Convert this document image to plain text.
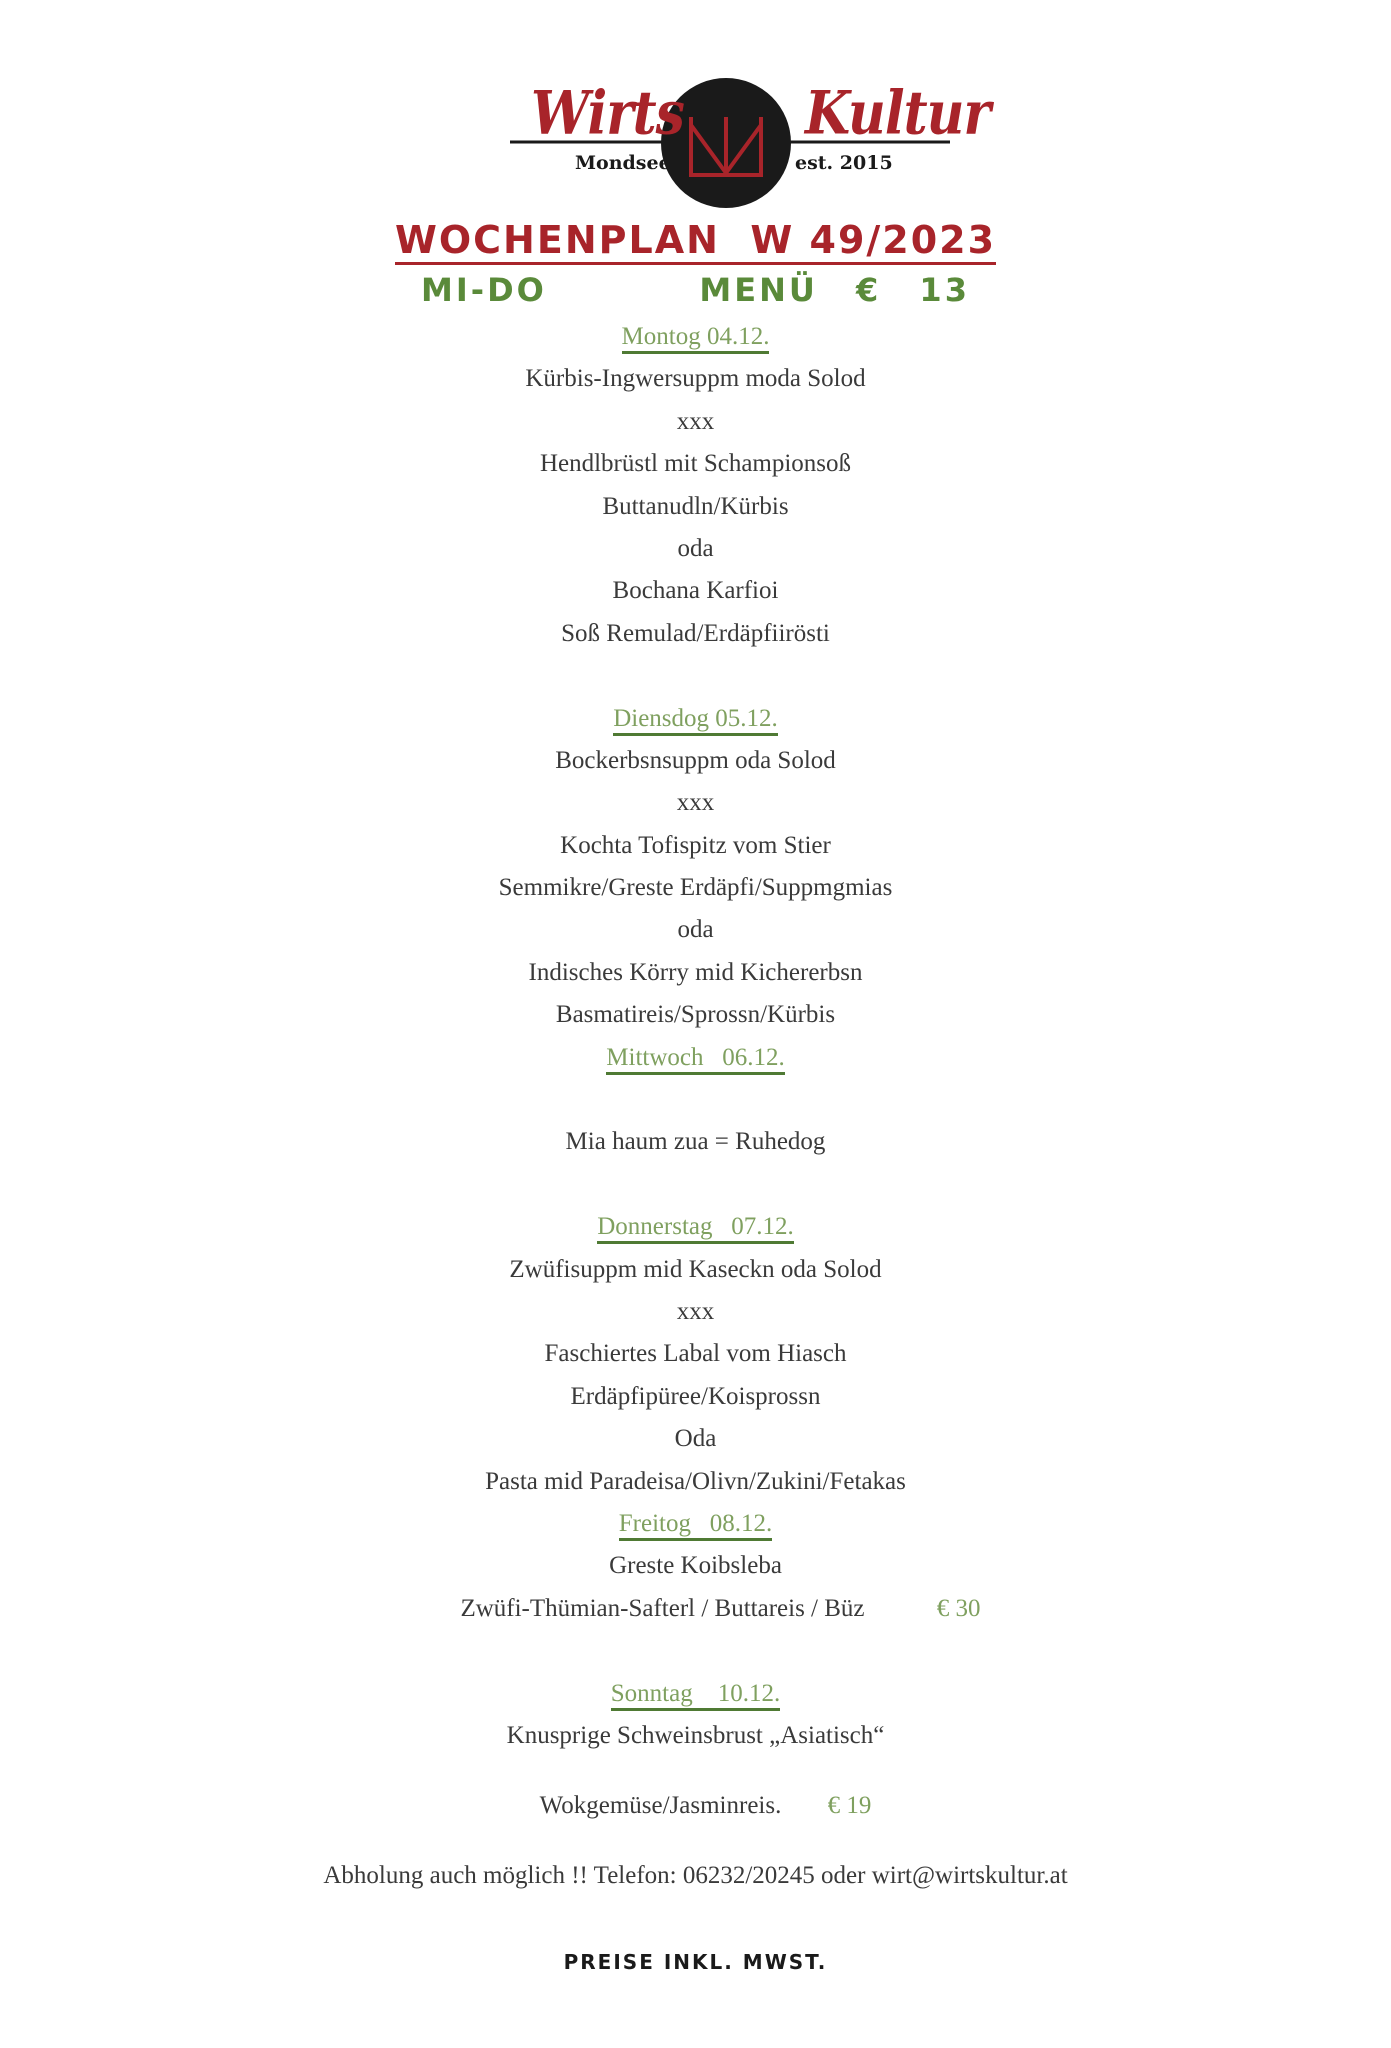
Wirts Kultur
Mondsee	est. 2015
WOCHENPLAN  W 49/2023
MI-DO    MENÜ € 13
Montog 04.12.
Kürbis-Ingwersuppm moda Solod
xxx
Hendlbrüstl mit Schampionsoß
Buttanudln/Kürbis
oda
Bochana Karfioi
Soß Remulad/Erdäpfiirösti
Diensdog 05.12.
Bockerbsnsuppm oda Solod
xxx
Kochta Tofispitz vom Stier
Semmikre/Greste Erdäpfi/Suppmgmias
oda
Indisches Körry mid Kichererbsn
Basmatireis/Sprossn/Kürbis
Mittwoch   06.12.
Mia haum zua = Ruhedog
Donnerstag   07.12.
Zwüfisuppm mid Kaseckn oda Solod
xxx
Faschiertes Labal vom Hiasch
Erdäpfipüree/Koisprossn
Oda
Pasta mid Paradeisa/Olivn/Zukini/Fetakas
Freitog   08.12.
Greste Koibsleba
Zwüfi-Thümian-Safterl / Buttareis / Büz	€ 30
Sonntag    10.12.
Knusprige Schweinsbrust „Asiatisch“
Wokgemüse/Jasminreis. € 19
Abholung auch möglich !! Telefon: 06232/20245 oder wirt@wirtskultur.at
PREISE INKL. MWST.
